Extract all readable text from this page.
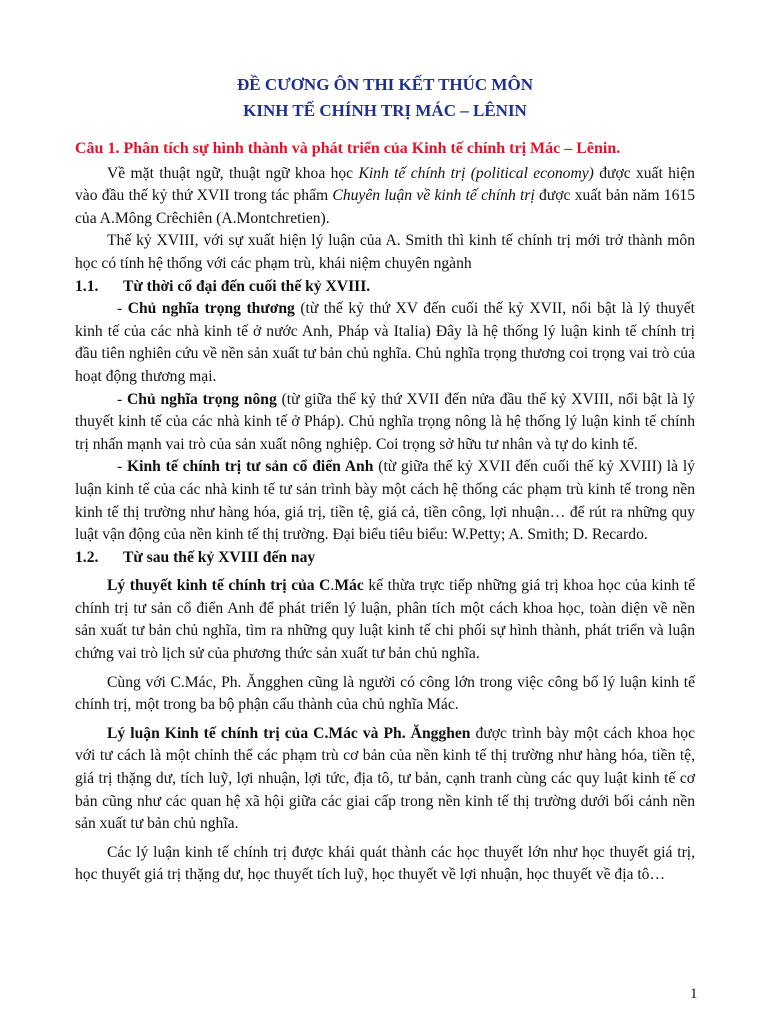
ĐỀ CƯƠNG ÔN THI KẾT THÚC MÔN
KINH TẾ CHÍNH TRỊ MÁC – LÊNIN
Câu 1. Phân tích sự hình thành và phát triển của Kinh tế chính trị Mác – Lênin.

Về mặt thuật ngữ, thuật ngữ khoa học Kinh tế chính trị (political economy) được xuất hiện vào đầu thế kỷ thứ XVII trong tác phẩm Chuyên luận về kinh tế chính trị được xuất bản năm 1615 của A.Mông Crêchiên (A.Montchretien).

Thế kỷ XVIII, với sự xuất hiện lý luận của A. Smith thì kinh tế chính trị mới trở thành môn học có tính hệ thống với các phạm trù, khái niệm chuyên ngành

1.1.	Từ thời cổ đại đến cuối thế kỷ XVIII.

- Chủ nghĩa trọng thương (từ thế kỷ thứ XV đến cuối thế kỷ XVII, nổi bật là lý thuyết kinh tế của các nhà kinh tế ở nước Anh, Pháp và Italia) Đây là hệ thống lý luận kinh tế chính trị đầu tiên nghiên cứu về nền sản xuất tư bản chủ nghĩa. Chủ nghĩa trọng thương coi trọng vai trò của hoạt động thương mại.

- Chủ nghĩa trọng nông (từ giữa thế kỷ thứ XVII đến nửa đầu thế kỷ XVIII, nổi bật là lý thuyết kinh tế của các nhà kinh tế ở Pháp). Chủ nghĩa trọng nông là hệ thống lý luận kinh tế chính trị nhấn mạnh vai trò của sản xuất nông nghiệp. Coi trọng sở hữu tư nhân và tự do kinh tế.

- Kinh tế chính trị tư sản cổ điển Anh (từ giữa thế kỷ XVII đến cuối thế kỷ XVIII) là lý luận kinh tế của các nhà kinh tế tư sản trình bày một cách hệ thống các phạm trù kinh tế trong nền kinh tế thị trường như hàng hóa, giá trị, tiền tệ, giá cả, tiền công, lợi nhuận… để rút ra những quy luật vận động của nền kinh tế thị trường. Đại biểu tiêu biểu: W.Petty; A. Smith; D. Recardo.

1.2.	Từ sau thế kỷ XVIII đến nay

Lý thuyết kinh tế chính trị của C.Mác kế thừa trực tiếp những giá trị khoa học của kinh tế chính trị tư sản cổ điển Anh để phát triển lý luận, phân tích một cách khoa học, toàn diện về nền sản xuất tư bản chủ nghĩa, tìm ra những quy luật kinh tế chi phối sự hình thành, phát triển và luận chứng vai trò lịch sử của phương thức sản xuất tư bản chủ nghĩa.

Cùng với C.Mác, Ph. Ăngghen cũng là người có công lớn trong việc công bố lý luận kinh tế chính trị, một trong ba bộ phận cấu thành của chủ nghĩa Mác.

Lý luận Kinh tế chính trị của C.Mác và Ph. Ăngghen được trình bày một cách khoa học với tư cách là một chỉnh thể các phạm trù cơ bản của nền kinh tế thị trường như hàng hóa, tiền tệ, giá trị thặng dư, tích luỹ, lợi nhuận, lợi tức, địa tô, tư bản, cạnh tranh cùng các quy luật kinh tế cơ bản cũng như các quan hệ xã hội giữa các giai cấp trong nền kinh tế thị trường dưới bối cảnh nền sản xuất tư bản chủ nghĩa.

Các lý luận kinh tế chính trị được khái quát thành các học thuyết lớn như học thuyết giá trị, học thuyết giá trị thặng dư, học thuyết tích luỹ, học thuyết về lợi nhuận, học thuyết về địa tô…

1
